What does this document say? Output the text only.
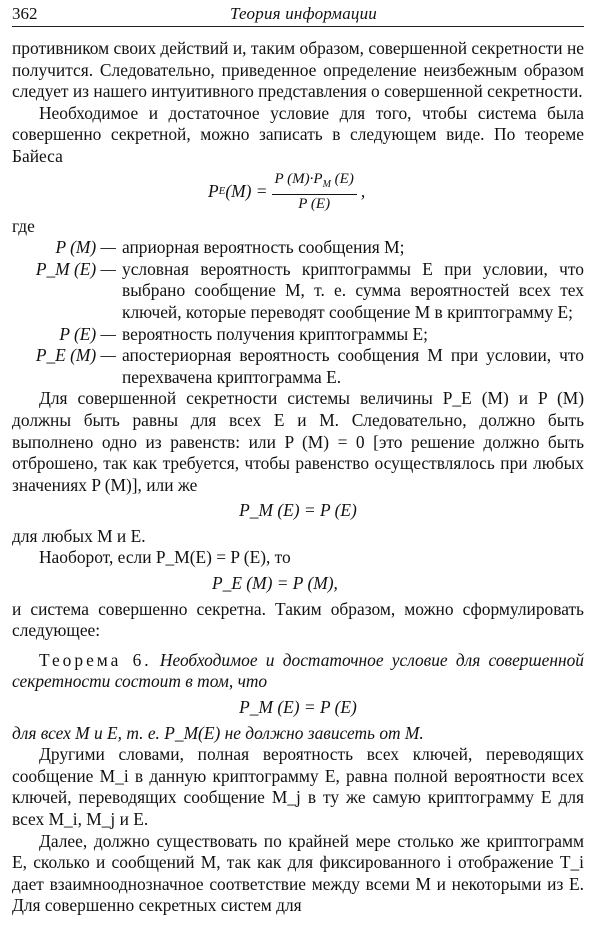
362	Теория информации

противником своих действий и, таким образом, совершенной секретности не получится. Следовательно, приведенное определение неизбежным образом следует из нашего интуитивного представления о совершенной секретности.

Необходимое и достаточное условие для того, чтобы система была совершенно секретной, можно записать в следующем виде. По теореме Байеса

P E $(M) = \frac{P (M)\cdot P_M (E)}{P (E)}$ ,

где

P (M) — априорная вероятность сообщения M;
P_M (E) — условная вероятность криптограммы E при условии, что выбрано сообщение M, т. е. сумма вероятностей всех тех ключей, которые переводят сообщение M в криптограмму E;
P (E) — вероятность получения криптограммы E;
P_E (M) — апостериорная вероятность сообщения M при условии, что перехвачена криптограмма E.

Для совершенной секретности системы величины P_E (M) и P (M) должны быть равны для всех E и M. Следовательно, должно быть выполнено одно из равенств: или P (M) = 0 [это решение должно быть отброшено, так как требуется, чтобы равенство осуществлялось при любых значениях P (M)], или же

P_M (E) = P (E)

для любых M и E.

Наоборот, если P_M(E) = P (E), то

P_E (M) = P (M),

и система совершенно секретна. Таким образом, можно сформулировать следующее:

Теорема 6. Необходимое и достаточное условие для совершенной секретности состоит в том, что

P_M (E) = P (E)

для всех M и E, т. е. P_M(E) не должно зависеть от M.

Другими словами, полная вероятность всех ключей, переводящих сообщение M_i в данную криптограмму E, равна полной вероятности всех ключей, переводящих сообщение M_j в ту же самую криптограмму E для всех M_i, M_j и E.

Далее, должно существовать по крайней мере столько же криптограмм E, сколько и сообщений M, так как для фиксированного i отображение T_i дает взаимнооднозначное соответствие между всеми M и некоторыми из E. Для совершенно секретных систем для
